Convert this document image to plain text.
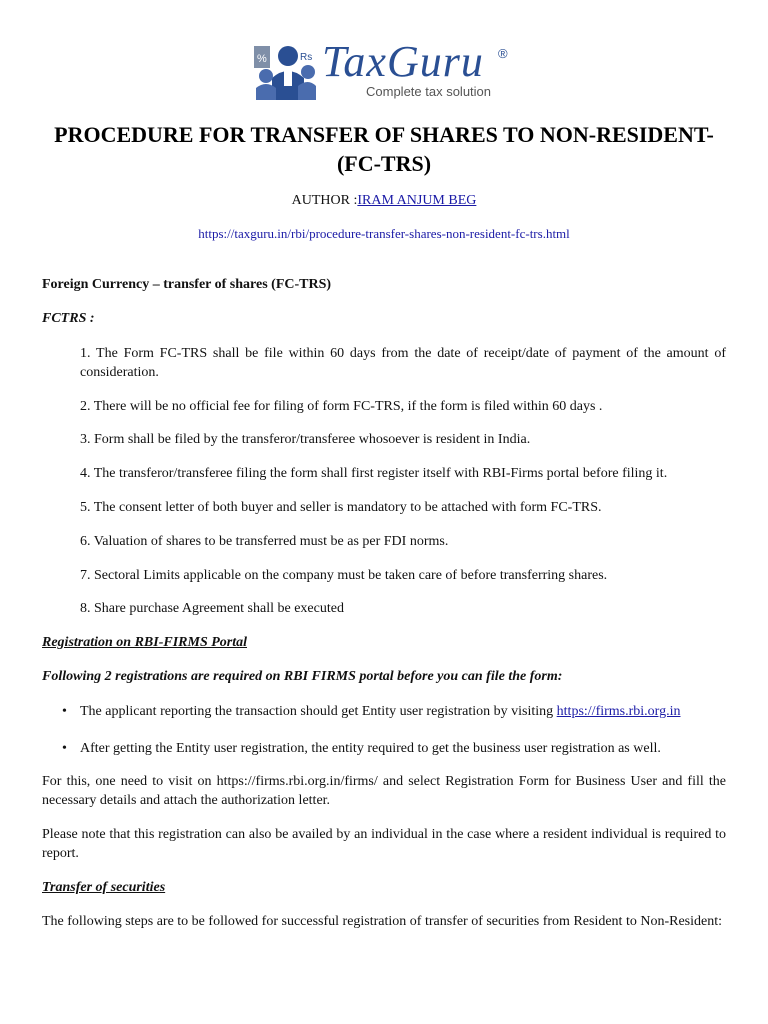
%	Rs TaxGuru ®
Complete tax solution
PROCEDURE FOR TRANSFER OF SHARES TO NON-RESIDENT-
(FC-TRS)
AUTHOR :IRAM ANJUM BEG
https://taxguru.in/rbi/procedure-transfer-shares-non-resident-fc-trs.html

Foreign Currency – transfer of shares (FC-TRS)

FCTRS :

1. The Form FC-TRS shall be file within 60 days from the date of receipt/date of payment of the amount of consideration.

2. There will be no official fee for filing of form FC-TRS, if the form is filed within 60 days .

3. Form shall be filed by the transferor/transferee whosoever is resident in India.

4. The transferor/transferee filing the form shall first register itself with RBI-Firms portal before filing it.

5. The consent letter of both buyer and seller is mandatory to be attached with form FC-TRS.

6. Valuation of shares to be transferred must be as per FDI norms.

7. Sectoral Limits applicable on the company must be taken care of before transferring shares.

8. Share purchase Agreement shall be executed

Registration on RBI-FIRMS Portal

Following 2 registrations are required on RBI FIRMS portal before you can file the form:

• The applicant reporting the transaction should get Entity user registration by visiting https://firms.rbi.org.in

• After getting the Entity user registration, the entity required to get the business user registration as well.

For this, one need to visit on https://firms.rbi.org.in/firms/ and select Registration Form for Business User and fill the necessary details and attach the authorization letter.

Please note that this registration can also be availed by an individual in the case where a resident individual is required to report.

Transfer of securities

The following steps are to be followed for successful registration of transfer of securities from Resident to Non-Resident:
